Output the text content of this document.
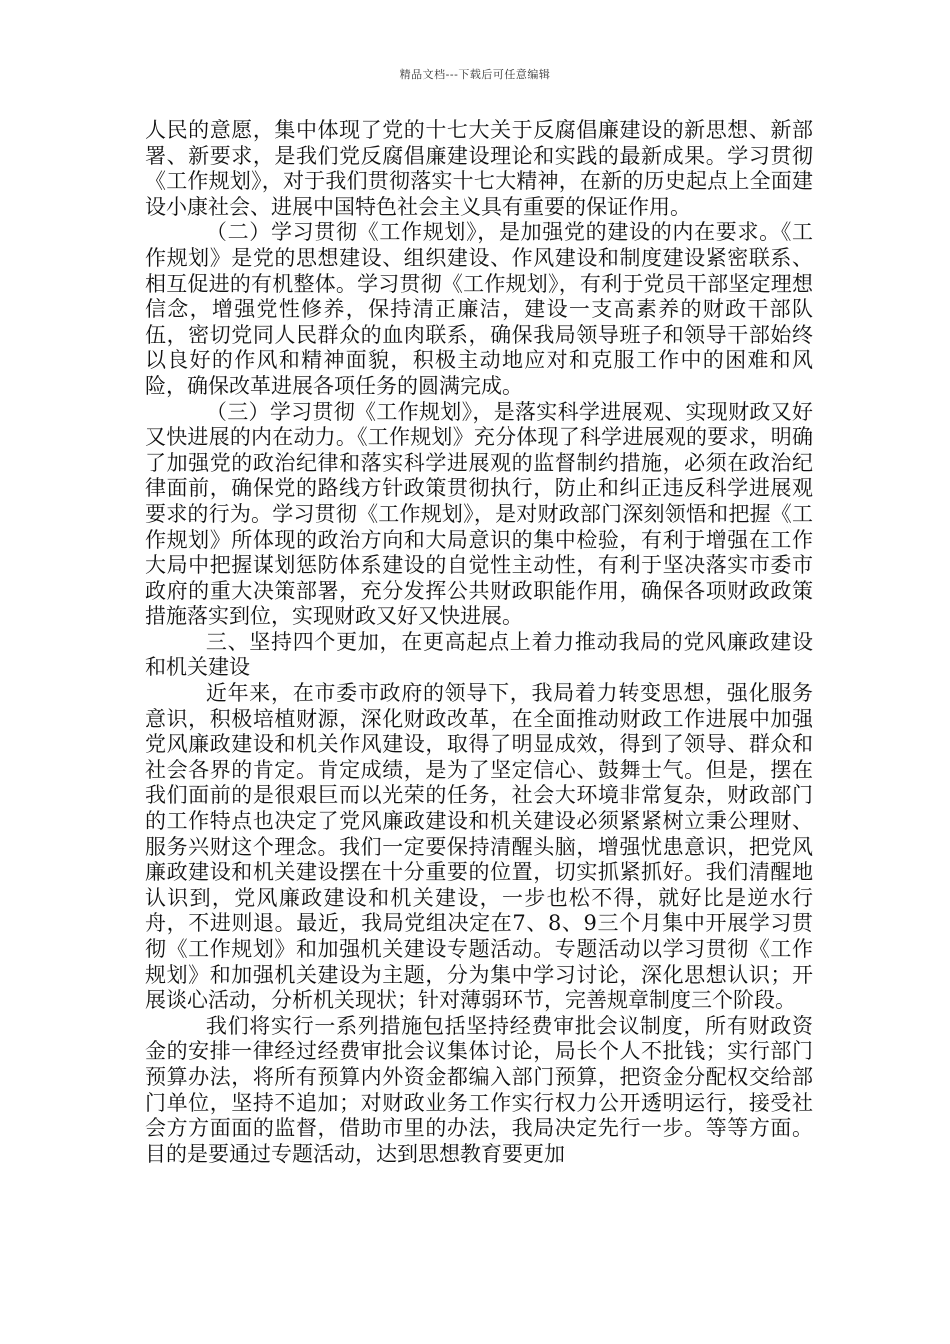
精品文档---下载后可任意编辑

人民的意愿，集中体现了党的十七大关于反腐倡廉建设的新思想、新部署、新要求，是我们党反腐倡廉建设理论和实践的最新成果。学习贯彻《工作规划》，对于我们贯彻落实十七大精神，在新的历史起点上全面建设小康社会、进展中国特色社会主义具有重要的保证作用。

（二）学习贯彻《工作规划》，是加强党的建设的内在要求。《工作规划》是党的思想建设、组织建设、作风建设和制度建设紧密联系、相互促进的有机整体。学习贯彻《工作规划》，有利于党员干部坚定理想信念，增强党性修养，保持清正廉洁，建设一支高素养的财政干部队伍，密切党同人民群众的血肉联系，确保我局领导班子和领导干部始终以良好的作风和精神面貌，积极主动地应对和克服工作中的困难和风险，确保改革进展各项任务的圆满完成。

（三）学习贯彻《工作规划》，是落实科学进展观、实现财政又好又快进展的内在动力。《工作规划》充分体现了科学进展观的要求，明确了加强党的政治纪律和落实科学进展观的监督制约措施，必须在政治纪律面前，确保党的路线方针政策贯彻执行，防止和纠正违反科学进展观要求的行为。学习贯彻《工作规划》，是对财政部门深刻领悟和把握《工作规划》所体现的政治方向和大局意识的集中检验，有利于增强在工作大局中把握谋划惩防体系建设的自觉性主动性，有利于坚决落实市委市政府的重大决策部署，充分发挥公共财政职能作用，确保各项财政政策措施落实到位，实现财政又好又快进展。

三、坚持四个更加，在更高起点上着力推动我局的党风廉政建设和机关建设

近年来，在市委市政府的领导下，我局着力转变思想，强化服务意识，积极培植财源，深化财政改革，在全面推动财政工作进展中加强党风廉政建设和机关作风建设，取得了明显成效，得到了领导、群众和社会各界的肯定。肯定成绩，是为了坚定信心、鼓舞士气。但是，摆在我们面前的是很艰巨而以光荣的任务，社会大环境非常复杂，财政部门的工作特点也决定了党风廉政建设和机关建设必须紧紧树立秉公理财、服务兴财这个理念。我们一定要保持清醒头脑，增强忧患意识，把党风廉政建设和机关建设摆在十分重要的位置，切实抓紧抓好。我们清醒地认识到，党风廉政建设和机关建设，一步也松不得，就好比是逆水行舟，不进则退。最近，我局党组决定在7、8、9三个月集中开展学习贯彻《工作规划》和加强机关建设专题活动。专题活动以学习贯彻《工作规划》和加强机关建设为主题，分为集中学习讨论，深化思想认识；开展谈心活动，分析机关现状；针对薄弱环节，完善规章制度三个阶段。

我们将实行一系列措施包括坚持经费审批会议制度，所有财政资金的安排一律经过经费审批会议集体讨论，局长个人不批钱；实行部门预算办法，将所有预算内外资金都编入部门预算，把资金分配权交给部门单位，坚持不追加；对财政业务工作实行权力公开透明运行，接受社会方方面面的监督，借助市里的办法，我局决定先行一步。等等方面。目的是要通过专题活动，达到思想教育要更加
